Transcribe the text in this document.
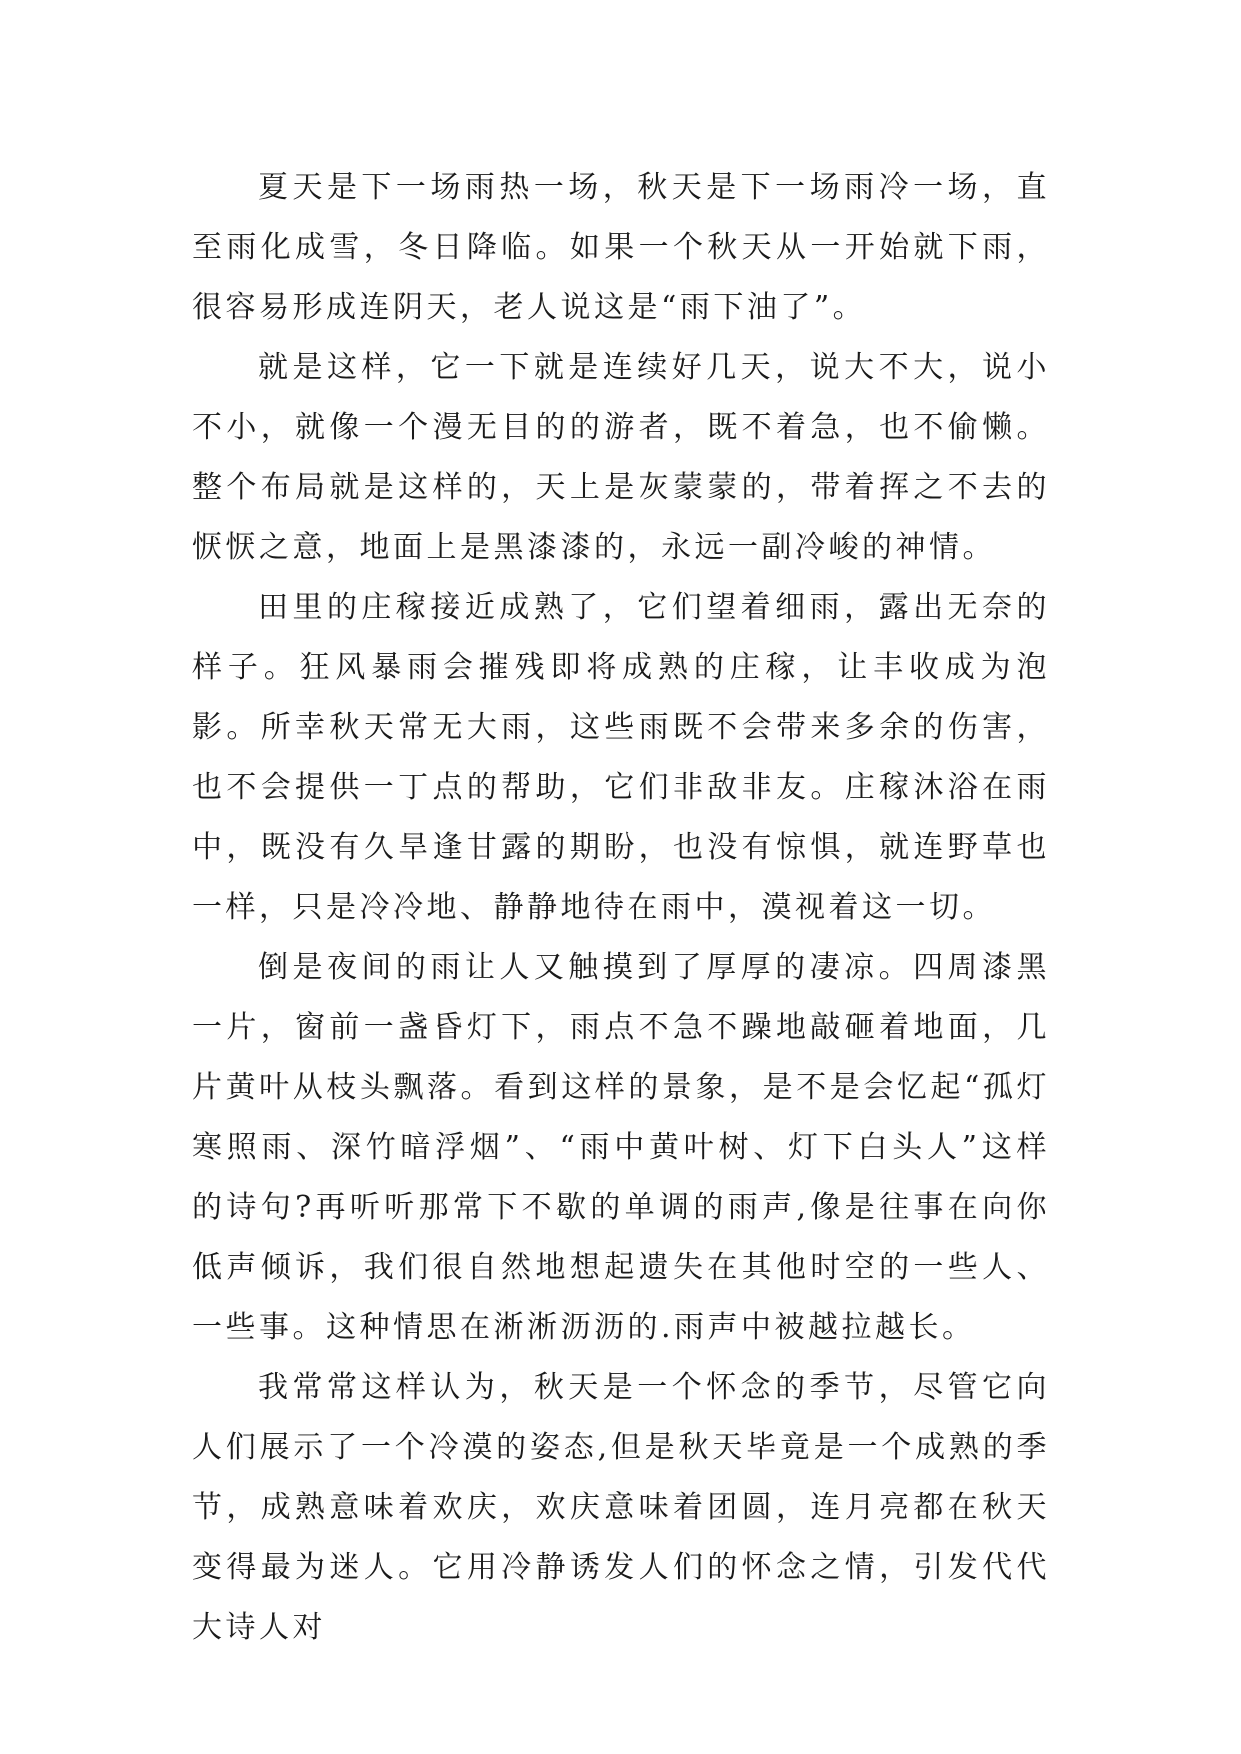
夏天是下一场雨热一场，秋天是下一场雨冷一场，直至雨化成雪，冬日降临。如果一个秋天从一开始就下雨，很容易形成连阴天，老人说这是“雨下油了”。

就是这样，它一下就是连续好几天，说大不大，说小不小，就像一个漫无目的的游者，既不着急，也不偷懒。整个布局就是这样的，天上是灰蒙蒙的，带着挥之不去的恹恹之意，地面上是黑漆漆的，永远一副冷峻的神情。

田里的庄稼接近成熟了，它们望着细雨，露出无奈的样子。狂风暴雨会摧残即将成熟的庄稼，让丰收成为泡影。所幸秋天常无大雨，这些雨既不会带来多余的伤害，也不会提供一丁点的帮助，它们非敌非友。庄稼沐浴在雨中，既没有久旱逢甘露的期盼，也没有惊惧，就连野草也一样，只是冷冷地、静静地待在雨中，漠视着这一切。

倒是夜间的雨让人又触摸到了厚厚的凄凉。四周漆黑一片，窗前一盏昏灯下，雨点不急不躁地敲砸着地面，几片黄叶从枝头飘落。看到这样的景象，是不是会忆起“孤灯寒照雨、深竹暗浮烟”、“雨中黄叶树、灯下白头人”这样的诗句?再听听那常下不歇的单调的雨声,像是往事在向你低声倾诉，我们很自然地想起遗失在其他时空的一些人、一些事。这种情思在淅淅沥沥的.雨声中被越拉越长。

我常常这样认为，秋天是一个怀念的季节，尽管它向人们展示了一个冷漠的姿态,但是秋天毕竟是一个成熟的季节，成熟意味着欢庆，欢庆意味着团圆，连月亮都在秋天变得最为迷人。它用冷静诱发人们的怀念之情，引发代代大诗人对
